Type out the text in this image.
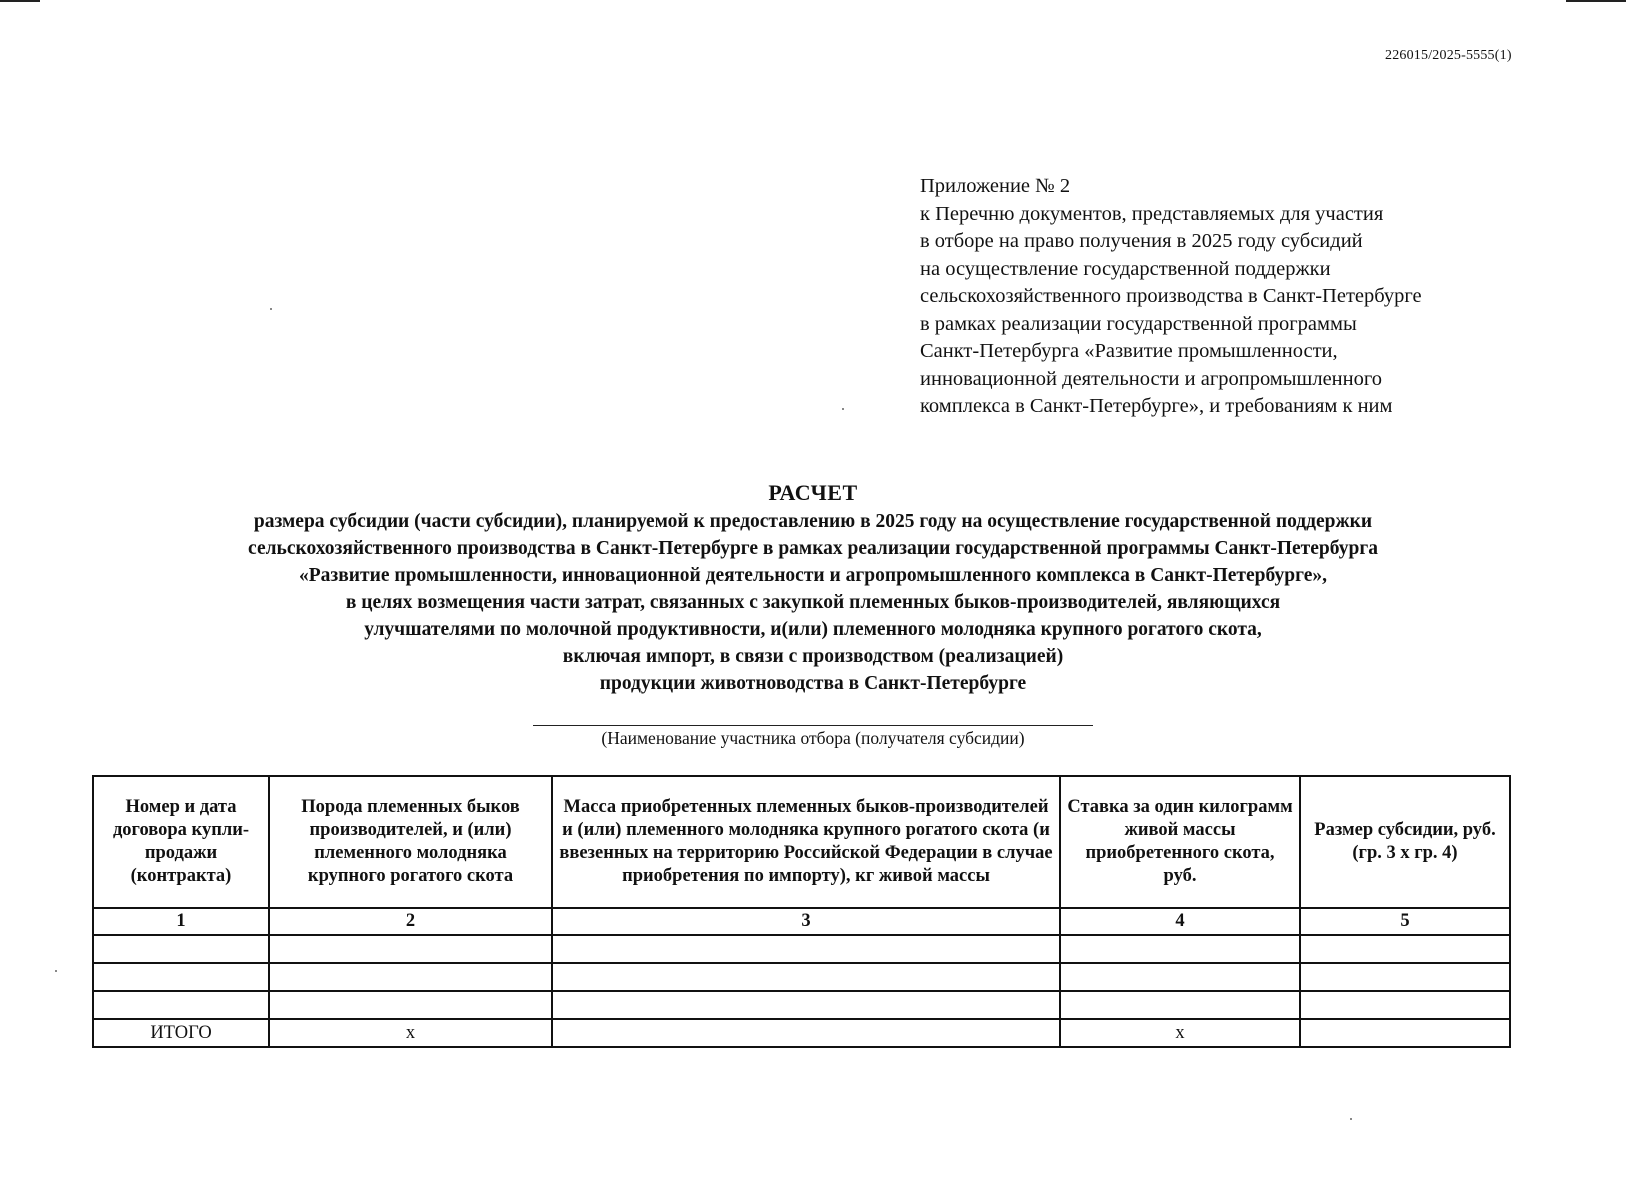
226015/2025-5555(1)
Приложение № 2
к Перечню документов, представляемых для участия
в отборе на право получения в 2025 году субсидий
на осуществление государственной поддержки
сельскохозяйственного производства в Санкт-Петербурге
в рамках реализации государственной программы
Санкт-Петербурга «Развитие промышленности,
инновационной деятельности и агропромышленного
комплекса в Санкт-Петербурге», и требованиям к ним
РАСЧЕТ
размера субсидии (части субсидии), планируемой к предоставлению в 2025 году на осуществление государственной поддержки
сельскохозяйственного производства в Санкт-Петербурге в рамках реализации государственной программы Санкт-Петербурга
«Развитие промышленности, инновационной деятельности и агропромышленного комплекса в Санкт-Петербурге»,
в целях возмещения части затрат, связанных с закупкой племенных быков-производителей, являющихся
улучшателями по молочной продуктивности, и(или) племенного молодняка крупного рогатого скота,
включая импорт, в связи с производством (реализацией)
продукции животноводства в Санкт-Петербурге
(Наименование участника отбора (получателя субсидии)
Номер и дата договора купли-продажи (контракта)	Порода племенных быков производителей, и (или) племенного молодняка крупного рогатого скота	Масса приобретенных племенных быков-производителей и (или) племенного молодняка крупного рогатого скота (и ввезенных на территорию Российской Федерации в случае приобретения по импорту), кг живой массы	Ставка за один килограмм живой массы приобретенного скота, руб.	Размер субсидии, руб. (гр. 3 х гр. 4)
1	2	3	4	5

ИТОГО	х		х	
